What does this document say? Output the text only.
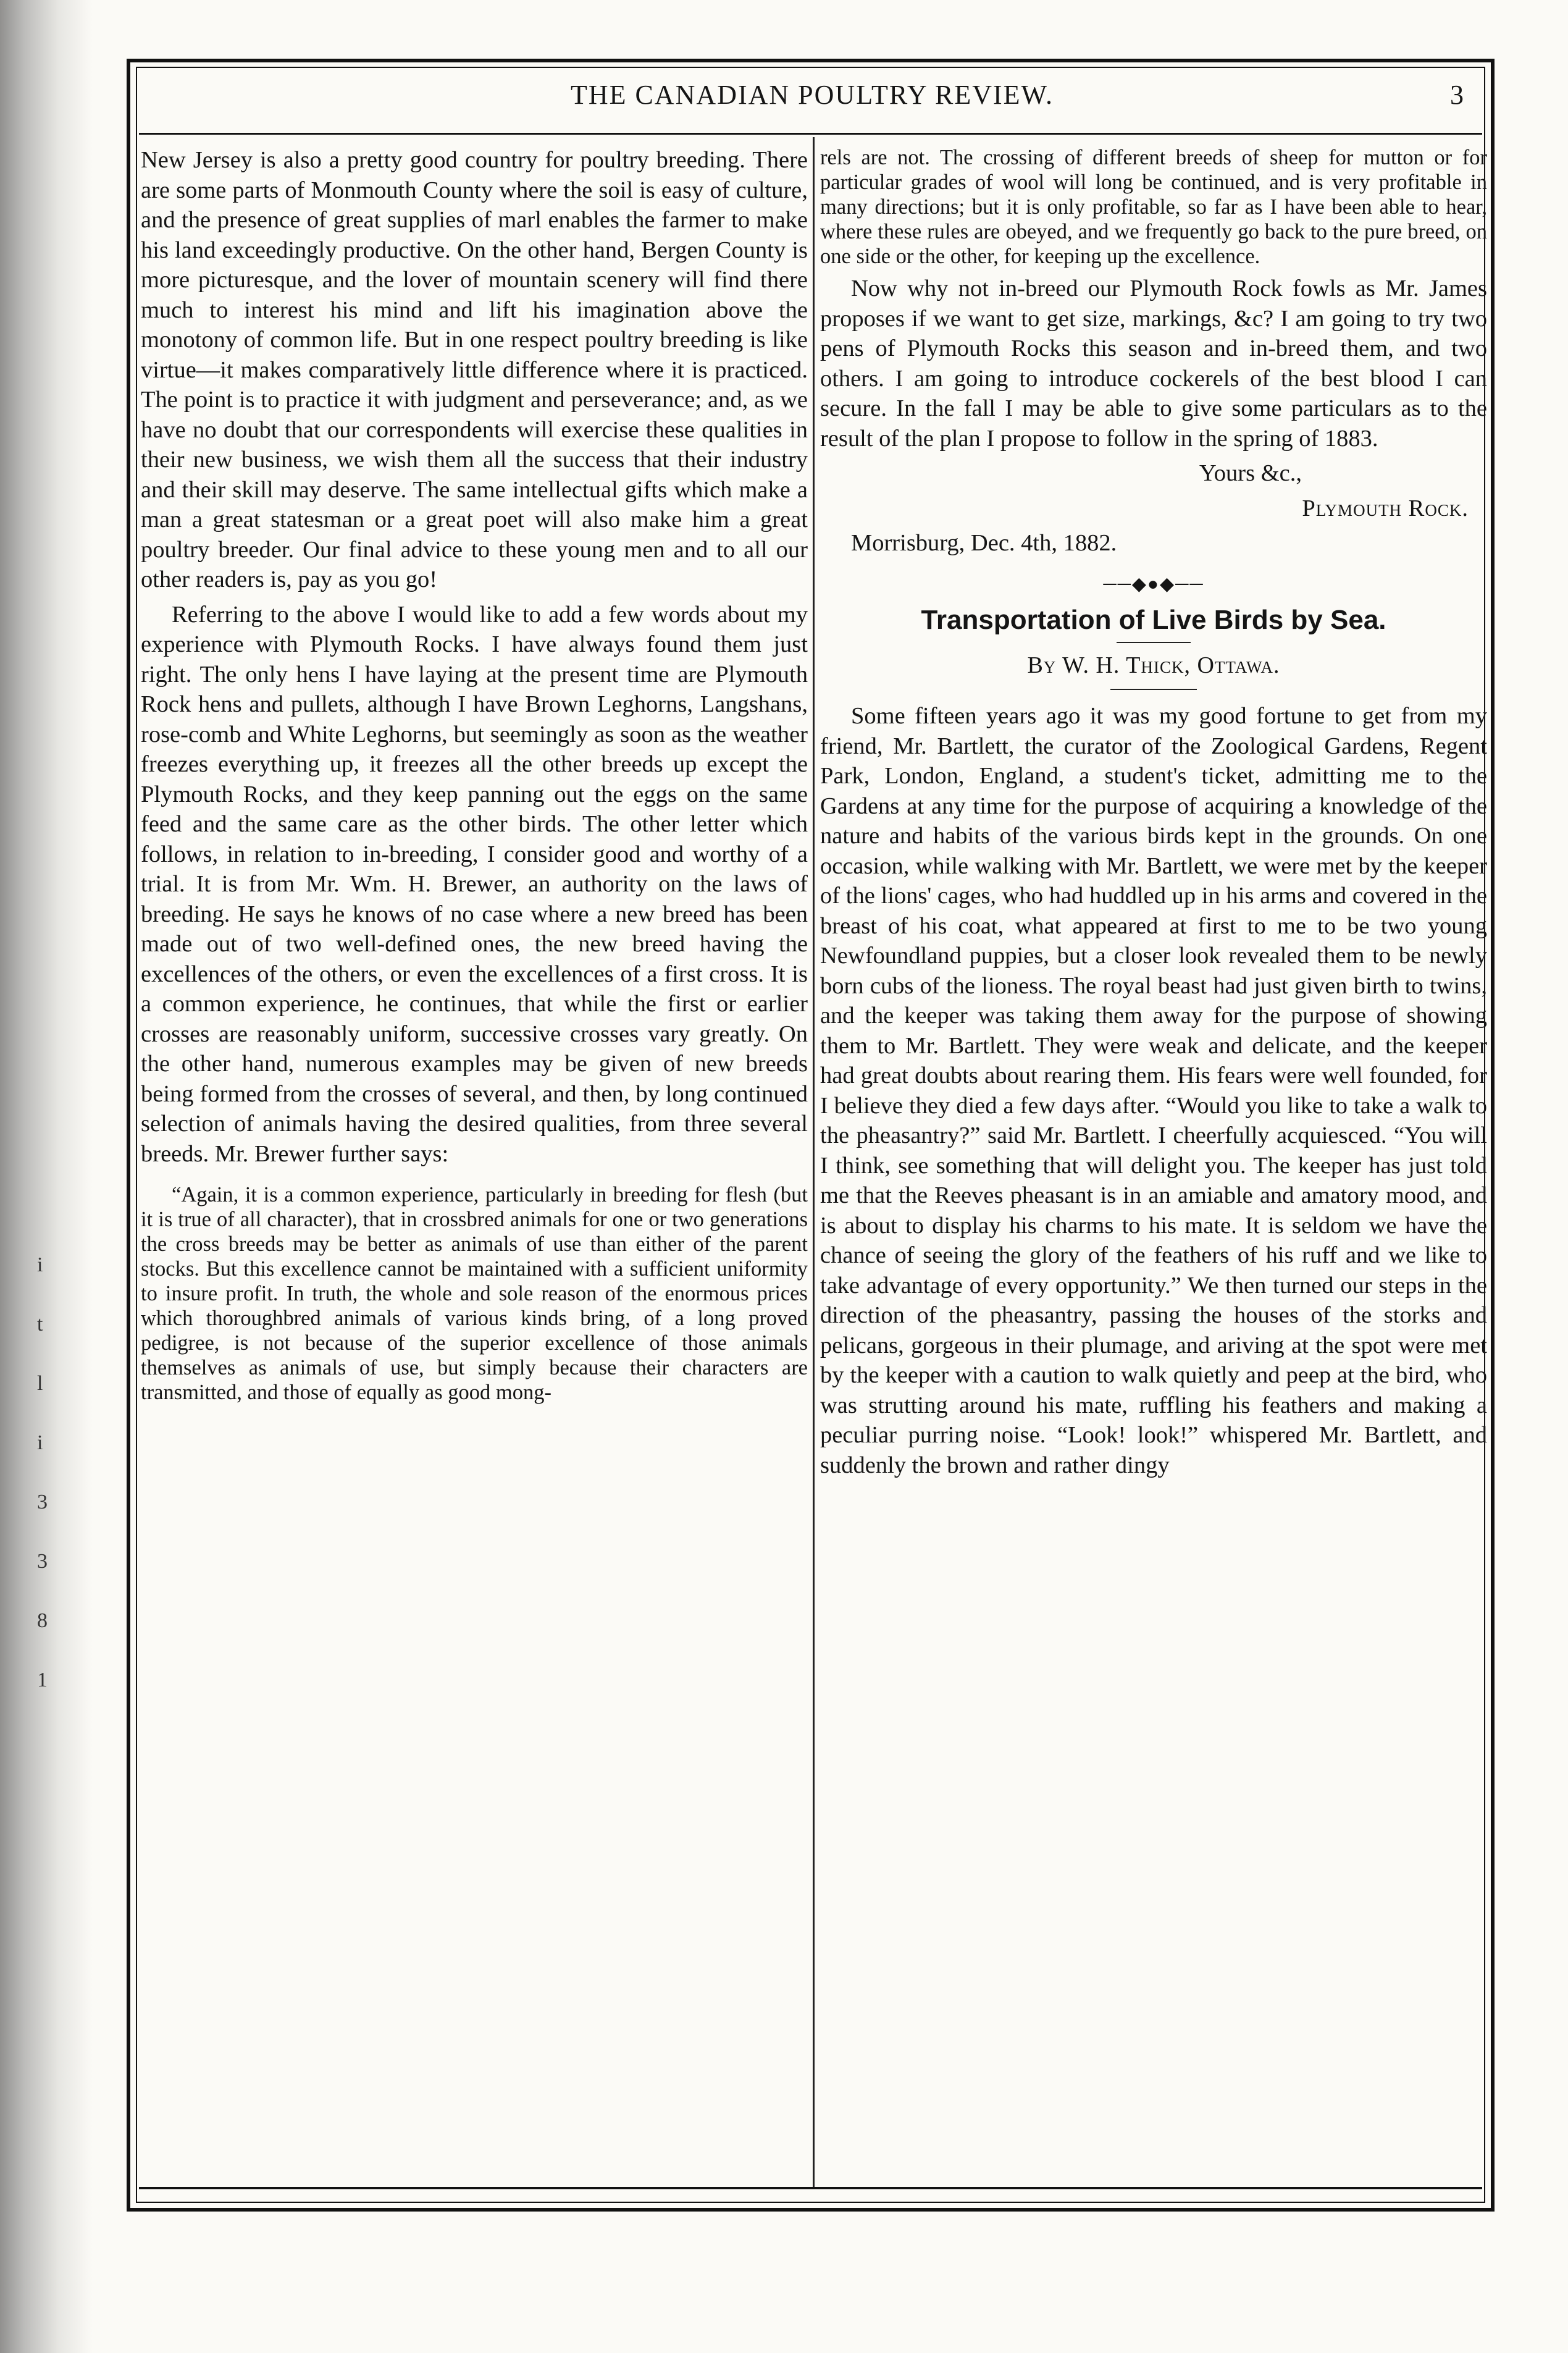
i
t
l
i
3
3
8
1
THE CANADIAN POULTRY REVIEW.	3

New Jersey is also a pretty good country for poultry breeding. There are some parts of Monmouth County where the soil is easy of culture, and the presence of great supplies of marl enables the farmer to make his land exceedingly productive. On the other hand, Bergen County is more picturesque, and the lover of mountain scenery will find there much to interest his mind and lift his imagination above the monotony of common life. But in one respect poultry breeding is like virtue—it makes comparatively little difference where it is practiced. The point is to practice it with judgment and perseverance; and, as we have no doubt that our correspondents will exercise these qualities in their new business, we wish them all the success that their industry and their skill may deserve. The same intellectual gifts which make a man a great statesman or a great poet will also make him a great poultry breeder. Our final advice to these young men and to all our other readers is, pay as you go!

Referring to the above I would like to add a few words about my experience with Plymouth Rocks. I have always found them just right. The only hens I have laying at the present time are Plymouth Rock hens and pullets, although I have Brown Leghorns, Langshans, rose-comb and White Leghorns, but seemingly as soon as the weather freezes everything up, it freezes all the other breeds up except the Plymouth Rocks, and they keep panning out the eggs on the same feed and the same care as the other birds. The other letter which follows, in relation to in-breeding, I consider good and worthy of a trial. It is from Mr. Wm. H. Brewer, an authority on the laws of breeding. He says he knows of no case where a new breed has been made out of two well-defined ones, the new breed having the excellences of the others, or even the excellences of a first cross. It is a common experience, he continues, that while the first or earlier crosses are reasonably uniform, successive crosses vary greatly. On the other hand, numerous examples may be given of new breeds being formed from the crosses of several, and then, by long continued selection of animals having the desired qualities, from three several breeds. Mr. Brewer further says:

“Again, it is a common experience, particularly in breeding for flesh (but it is true of all character), that in crossbred animals for one or two generations the cross breeds may be better as animals of use than either of the parent stocks. But this excellence cannot be maintained with a sufficient uniformity to insure profit. In truth, the whole and sole reason of the enormous prices which thoroughbred animals of various kinds bring, of a long proved pedigree, is not because of the superior excellence of those animals themselves as animals of use, but simply because their characters are transmitted, and those of equally as good mong-

rels are not. The crossing of different breeds of sheep for mutton or for particular grades of wool will long be continued, and is very profitable in many directions; but it is only profitable, so far as I have been able to hear, where these rules are obeyed, and we frequently go back to the pure breed, on one side or the other, for keeping up the excellence.

Now why not in-breed our Plymouth Rock fowls as Mr. James proposes if we want to get size, markings, &c? I am going to try two pens of Plymouth Rocks this season and in-breed them, and two others. I am going to introduce cockerels of the best blood I can secure. In the fall I may be able to give some particulars as to the result of the plan I propose to follow in the spring of 1883.

Yours &c.,

Plymouth Rock.

Morrisburg, Dec. 4th, 1882.

──◆●◆──
Transportation of Live Birds by Sea.
By W. H. Thick, Ottawa.

Some fifteen years ago it was my good fortune to get from my friend, Mr. Bartlett, the curator of the Zoological Gardens, Regent Park, London, England, a student's ticket, admitting me to the Gardens at any time for the purpose of acquiring a knowledge of the nature and habits of the various birds kept in the grounds. On one occasion, while walking with Mr. Bartlett, we were met by the keeper of the lions' cages, who had huddled up in his arms and covered in the breast of his coat, what appeared at first to me to be two young Newfoundland puppies, but a closer look revealed them to be newly born cubs of the lioness. The royal beast had just given birth to twins, and the keeper was taking them away for the purpose of showing them to Mr. Bartlett. They were weak and delicate, and the keeper had great doubts about rearing them. His fears were well founded, for I believe they died a few days after. “Would you like to take a walk to the pheasantry?” said Mr. Bartlett. I cheerfully acquiesced. “You will I think, see something that will delight you. The keeper has just told me that the Reeves pheasant is in an amiable and amatory mood, and is about to display his charms to his mate. It is seldom we have the chance of seeing the glory of the feathers of his ruff and we like to take advantage of every opportunity.” We then turned our steps in the direction of the pheasantry, passing the houses of the storks and pelicans, gorgeous in their plumage, and ariving at the spot were met by the keeper with a caution to walk quietly and peep at the bird, who was strutting around his mate, ruffling his feathers and making a peculiar purring noise. “Look! look!” whispered Mr. Bartlett, and suddenly the brown and rather dingy
